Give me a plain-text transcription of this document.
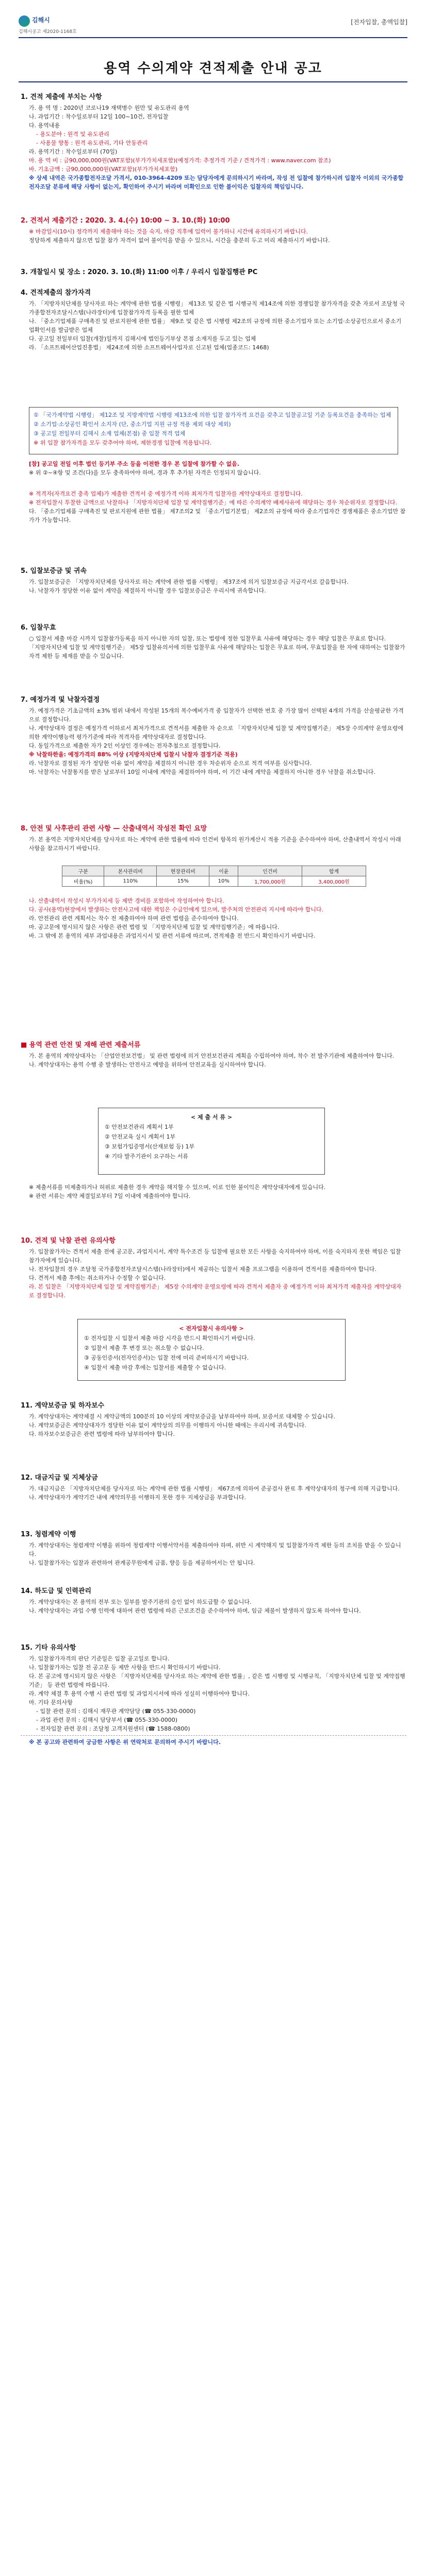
김해시
김해시공고 제2020-1168호
[전자입찰, 총액입찰]
용역 수의계약 견적제출 안내 공고

1. 견적 제출에 부치는 사항

가. 용 역 명 : 2020년 코로나19 재택병수 원만 및 유도관리 용역

나. 과업기간 : 착수일로부터 12일 100~10건, 전자입찰

다. 용역내용

- 용도분야 : 원격 및 유도관리

- 사용물 향통 : 원격 유도관리, 기타 안동관리

라. 용역기간 : 착수일로부터 (70일)

마. 용 역 비 : 금90,000,000원(VAT포함)(부가가치세포함)(예정가격: 추정가격 기준 / 견적가격 : www.naver.com 참조)

바. 기초금액 : 금90,000,000원(VAT포함)(부가가치세포함)

※ 상세 내역은 국가종합전자조달 가격서, 010-3964-4209 또는 담당자에게 문의하시기 바라며, 작성 전 입찰에 참가하시려 입찰자 이외의 국가종합전자조달 분류에 해당 사항이 없는지, 확인하여 주시기 바라며 미확인으로 인한 불이익은 입찰자의 책임입니다.

2. 견적서 제출기간 : 2020. 3. 4.(수) 10:00 ~ 3. 10.(화) 10:00

※ 마감일시(10시) 정각까지 제출해야 하는 것을 숙지, 마감 직후에 입력이 불가하니 시간에 유의하시기 바랍니다.

정당하게 제출하지 않으면 입찰 참가 자격이 없어 불이익을 받을 수 있으니, 시간을 충분히 두고 미리 제출하시기 바랍니다.

3. 개찰일시 및 장소 : 2020. 3. 10.(화) 11:00 이후 / 우리시 입찰집행관 PC

4. 견적제출의 참가자격

가. 「지방자치단체를 당사자로 하는 계약에 관한 법률 시행령」 제13조 및 같은 법 시행규칙 제14조에 의한 경쟁입찰 참가자격을 갖춘 자로서 조달청 국가종합전자조달시스템(나라장터)에 입찰참가자격 등록을 필한 업체

나. 「중소기업제품 구매촉진 및 판로지원에 관한 법률」 제9조 및 같은 법 시행령 제2조의 규정에 의한 중소기업자 또는 소기업·소상공인으로서 중소기업확인서를 발급받은 업체

다. 공고일 전일부터 입찰(개찰)일까지 김해시에 법인등기부상 본점 소재지를 두고 있는 업체

라. 「소프트웨어산업진흥법」 제24조에 의한 소프트웨어사업자로 신고된 업체(업종코드: 1468)

① 「국가계약법 시행령」 제12조 및 지방계약법 시행령 제13조에 의한 입찰 참가자격 요건을 갖추고 입찰공고일 기준 등록요건을 충족하는 업체

② 소기업·소상공인 확인서 소지자 (단, 중소기업 지원 규정 적용 제외 대상 제외)

③ 공고일 전일부터 김해시 소재 업체(본점) 중 입찰 적격 업체

※ 위 입찰 참가자격을 모두 갖추어야 하며, 제한경쟁 입찰에 적용됩니다.

[참] 공고일 전일 이후 법인 등기부 주소 등을 이전한 경우 본 입찰에 참가할 수 없음.

※ 위 ②~④항 및 조건(다)을 모두 충족하여야 하며, 경과 후 추가된 자격은 인정되지 않습니다.

※ 적격자(자격요건 충족 업체)가 제출한 견적서 중 예정가격 이하 최저가격 입찰자를 계약상대자로 결정합니다.

※ 전자입찰시 투찰한 금액으로 낙찰하나 「지방자치단체 입찰 및 계약집행기준」에 따른 수의계약 배제사유에 해당하는 경우 차순위자로 결정합니다.

다. 「중소기업제품 구매촉진 및 판로지원에 관한 법률」 제7조의2 및 「중소기업기본법」 제2조의 규정에 따라 중소기업자간 경쟁제품은 중소기업만 참가가 가능합니다.

5. 입찰보증금 및 귀속

가. 입찰보증금은 「지방자치단체를 당사자로 하는 계약에 관한 법률 시행령」 제37조에 의거 입찰보증금 지급각서로 갈음합니다.

나. 낙찰자가 정당한 이유 없이 계약을 체결하지 아니할 경우 입찰보증금은 우리시에 귀속합니다.

6. 입찰무효

○ 입찰서 제출 마감 시까지 입찰참가등록을 하지 아니한 자의 입찰, 또는 법령에 정한 입찰무효 사유에 해당하는 경우 해당 입찰은 무효로 합니다.

「지방자치단체 입찰 및 계약집행기준」 제5장 입찰유의서에 의한 입찰무효 사유에 해당하는 입찰은 무효로 하며, 무효입찰을 한 자에 대하여는 입찰참가자격 제한 등 제재를 받을 수 있습니다.

7. 예정가격 및 낙찰자결정

가. 예정가격은 기초금액의 ±3% 범위 내에서 작성된 15개의 복수예비가격 중 입찰자가 선택한 번호 중 가장 많이 선택된 4개의 가격을 산술평균한 가격으로 결정합니다.

나. 계약상대자 결정은 예정가격 이하로서 최저가격으로 견적서를 제출한 자 순으로 「지방자치단체 입찰 및 계약집행기준」 제5장 수의계약 운영요령에 의한 계약이행능력 평가기준에 따라 적격자를 계약상대자로 결정합니다.

다. 동일가격으로 제출한 자가 2인 이상인 경우에는 전자추첨으로 결정합니다.

※ 낙찰하한율: 예정가격의 88% 이상 (지방자치단체 입찰시 낙찰자 결정기준 적용)

라. 낙찰자로 결정된 자가 정당한 이유 없이 계약을 체결하지 아니한 경우 차순위자 순으로 적격 여부를 심사합니다.

마. 낙찰자는 낙찰통지를 받은 날로부터 10일 이내에 계약을 체결하여야 하며, 이 기간 내에 계약을 체결하지 아니한 경우 낙찰을 취소합니다.

8. 안전 및 사후관리 관련 사항 — 산출내역서 작성전 확인 요망

가. 본 용역은 지방자치단체를 당사자로 하는 계약에 관한 법률에 따라 인건비 항목의 원가계산시 적용 기준을 준수하여야 하며, 산출내역서 작성시 아래 사항을 참고하시기 바랍니다.

구분	본사관리비	현장관리비	이윤	인건비	합계
비율(%)	110%	15%	10%	1,700,000원	3,400,000원

나. 산출내역서 작성시 부가가치세 등 제반 경비를 포함하여 작성하여야 합니다.

다. 공사(용역)현장에서 발생하는 안전사고에 대한 책임은 수급인에게 있으며, 발주처의 안전관리 지시에 따라야 합니다.

라. 안전관리 관련 계획서는 착수 전 제출하여야 하며 관련 법령을 준수하여야 합니다.

마. 공고문에 명시되지 않은 사항은 관련 법령 및 「지방자치단체 입찰 및 계약집행기준」에 따릅니다.

바. 그 밖에 본 용역의 세부 과업내용은 과업지시서 및 관련 서류에 따르며, 견적제출 전 반드시 확인하시기 바랍니다.

■ 용역 관련 안전 및 재해 관련 제출서류

가. 본 용역의 계약상대자는 「산업안전보건법」 및 관련 법령에 의거 안전보건관리 계획을 수립하여야 하며, 착수 전 발주기관에 제출하여야 합니다.

나. 계약상대자는 용역 수행 중 발생하는 안전사고 예방을 위하여 안전교육을 실시하여야 합니다.

< 제 출 서 류 >

① 안전보건관리 계획서 1부

② 안전교육 실시 계획서 1부

③ 보험가입증명서(산재보험 등) 1부

④ 기타 발주기관이 요구하는 서류

※ 제출서류를 미제출하거나 허위로 제출한 경우 계약을 해지할 수 있으며, 이로 인한 불이익은 계약상대자에게 있습니다.

※ 관련 서류는 계약 체결일로부터 7일 이내에 제출하여야 합니다.

10. 견적 및 낙찰 관련 유의사항

가. 입찰참가자는 견적서 제출 전에 공고문, 과업지시서, 계약 특수조건 등 입찰에 필요한 모든 사항을 숙지하여야 하며, 이를 숙지하지 못한 책임은 입찰참가자에게 있습니다.

나. 전자입찰의 경우 조달청 국가종합전자조달시스템(나라장터)에서 제공하는 입찰서 제출 프로그램을 이용하여 견적서를 제출하여야 합니다.

다. 견적서 제출 후에는 취소하거나 수정할 수 없습니다.

라. 본 입찰은 「지방자치단체 입찰 및 계약집행기준」 제5장 수의계약 운영요령에 따라 견적서 제출자 중 예정가격 이하 최저가격 제출자를 계약상대자로 결정합니다.

< 전자입찰시 유의사항 >

① 전자입찰 시 입찰서 제출 마감 시각을 반드시 확인하시기 바랍니다.

② 입찰서 제출 후 변경 또는 취소할 수 없습니다.

③ 공동인증서(전자인증서)는 입찰 전에 미리 준비하시기 바랍니다.

④ 입찰서 제출 마감 후에는 입찰서를 제출할 수 없습니다.

11. 계약보증금 및 하자보수

가. 계약상대자는 계약체결 시 계약금액의 100분의 10 이상의 계약보증금을 납부하여야 하며, 보증서로 대체할 수 있습니다.

나. 계약보증금은 계약상대자가 정당한 이유 없이 계약상의 의무를 이행하지 아니한 때에는 우리시에 귀속합니다.

다. 하자보수보증금은 관련 법령에 따라 납부하여야 합니다.

12. 대금지급 및 지체상금

가. 대금지급은 「지방자치단체를 당사자로 하는 계약에 관한 법률 시행령」 제67조에 의하여 준공검사 완료 후 계약상대자의 청구에 의해 지급합니다.

나. 계약상대자가 계약기간 내에 계약의무를 이행하지 못한 경우 지체상금을 부과합니다.

13. 청렴계약 이행

가. 계약상대자는 청렴계약 이행을 위하여 청렴계약 이행서약서를 제출하여야 하며, 위반 시 계약해지 및 입찰참가자격 제한 등의 조치를 받을 수 있습니다.

나. 입찰참가자는 입찰과 관련하여 관계공무원에게 금품, 향응 등을 제공하여서는 안 됩니다.

14. 하도급 및 인력관리

가. 계약상대자는 본 용역의 전부 또는 일부를 발주기관의 승인 없이 하도급할 수 없습니다.

나. 계약상대자는 과업 수행 인력에 대하여 관련 법령에 따른 근로조건을 준수하여야 하며, 임금 체불이 발생하지 않도록 하여야 합니다.

15. 기타 유의사항

가. 입찰참가자격의 판단 기준일은 입찰 공고일로 합니다.

나. 입찰참가자는 입찰 전 공고문 등 제반 사항을 반드시 확인하시기 바랍니다.

다. 본 공고에 명시되지 않은 사항은 「지방자치단체를 당사자로 하는 계약에 관한 법률」, 같은 법 시행령 및 시행규칙, 「지방자치단체 입찰 및 계약집행기준」 등 관련 법령에 따릅니다.

라. 계약 체결 후 용역 수행 시 관련 법령 및 과업지시서에 따라 성실히 이행하여야 합니다.

마. 기타 문의사항

- 입찰 관련 문의 : 김해시 재무관 계약담당 (☎ 055-330-0000)

- 과업 관련 문의 : 김해시 담당부서 (☎ 055-330-0000)

- 전자입찰 관련 문의 : 조달청 고객지원센터 (☎ 1588-0800)

※ 본 공고와 관련하여 궁금한 사항은 위 연락처로 문의하여 주시기 바랍니다.
